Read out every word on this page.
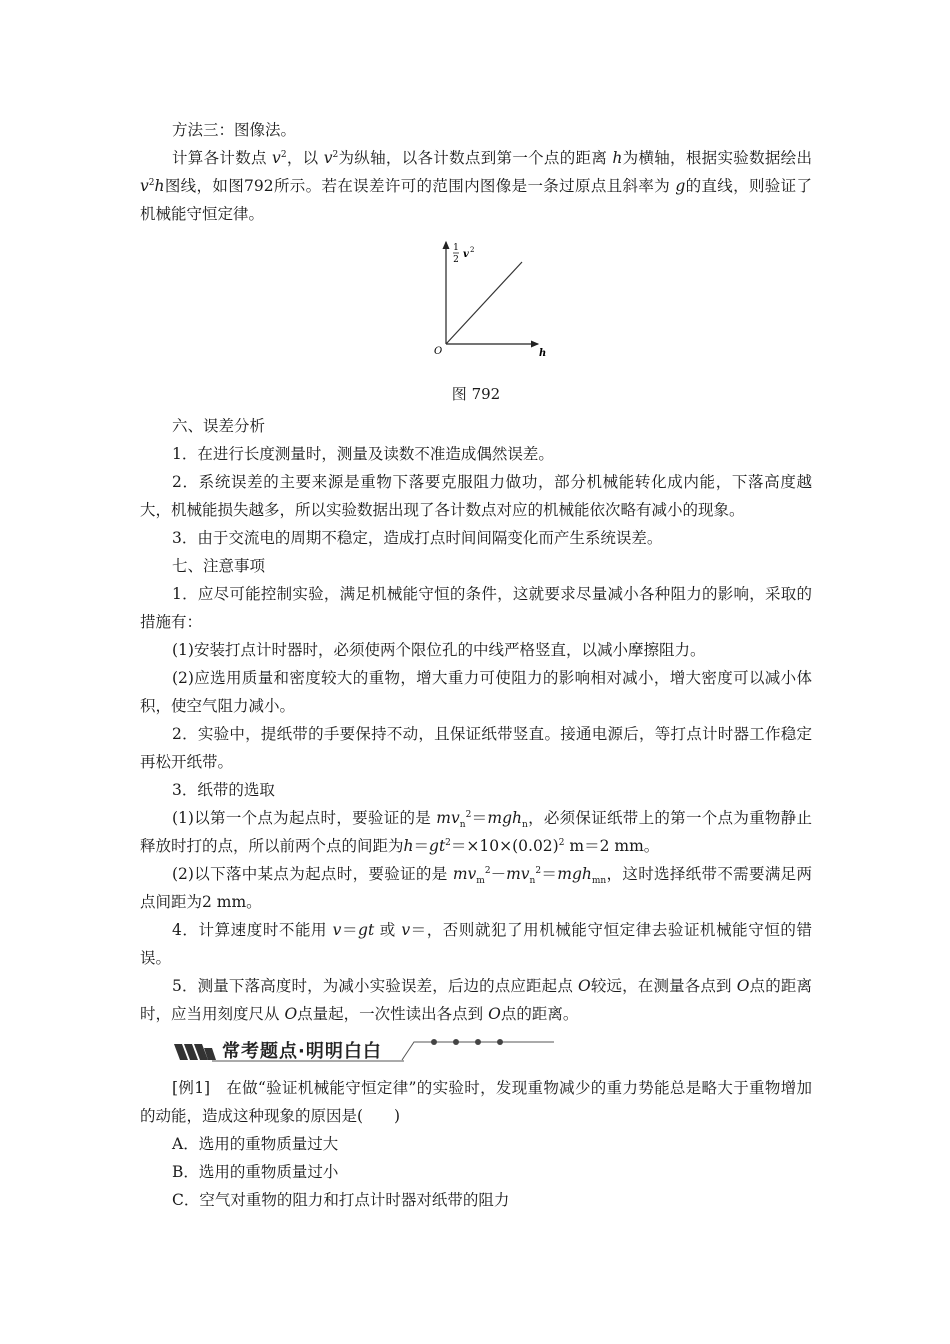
方法三：图像法。

计算各计数点 $v^2$，以 $v^2$为纵轴，以各计数点到第一个点的距离 h为横轴，根据实验数据绘出 $v^2h$图线，如图792所示。若在误差许可的范围内图像是一条过原点且斜率为 g的直线，则验证了机械能守恒定律。

1
2 v 2
O	h
图 792

六、误差分析

1．在进行长度测量时，测量及读数不准造成偶然误差。

2．系统误差的主要来源是重物下落要克服阻力做功，部分机械能转化成内能，下落高度越大，机械能损失越多，所以实验数据出现了各计数点对应的机械能依次略有减小的现象。

3．由于交流电的周期不稳定，造成打点时间间隔变化而产生系统误差。

七、注意事项

1．应尽可能控制实验，满足机械能守恒的条件，这就要求尽量减小各种阻力的影响，采取的措施有：

(1)安装打点计时器时，必须使两个限位孔的中线严格竖直，以减小摩擦阻力。

(2)应选用质量和密度较大的重物，增大重力可使阻力的影响相对减小，增大密度可以减小体积，使空气阻力减小。

2．实验中，提纸带的手要保持不动，且保证纸带竖直。接通电源后，等打点计时器工作稳定再松开纸带。

3．纸带的选取

(1)以第一个点为起点时，要验证的是 $mv_n^2=mgh_n$，必须保证纸带上的第一个点为重物静止释放时打的点，所以前两个点的间距为$h=gt^2=\times 10\times(0.02)^2$ m＝2 mm。

(2)以下落中某点为起点时，要验证的是 $mv_m^2-mv_n^2=mgh_{mn}$，这时选择纸带不需要满足两点间距为2 mm。

4．计算速度时不能用 v＝gt 或 v＝，否则就犯了用机械能守恒定律去验证机械能守恒的错误。

5．测量下落高度时，为减小实验误差，后边的点应距起点 O较远，在测量各点到 O点的距离时，应当用刻度尺从 O点量起，一次性读出各点到 O点的距离。

常考题点·明明白白

[例1]　在做“验证机械能守恒定律”的实验时，发现重物减少的重力势能总是略大于重物增加的动能，造成这种现象的原因是(　　)

A．选用的重物质量过大

B．选用的重物质量过小

C．空气对重物的阻力和打点计时器对纸带的阻力
